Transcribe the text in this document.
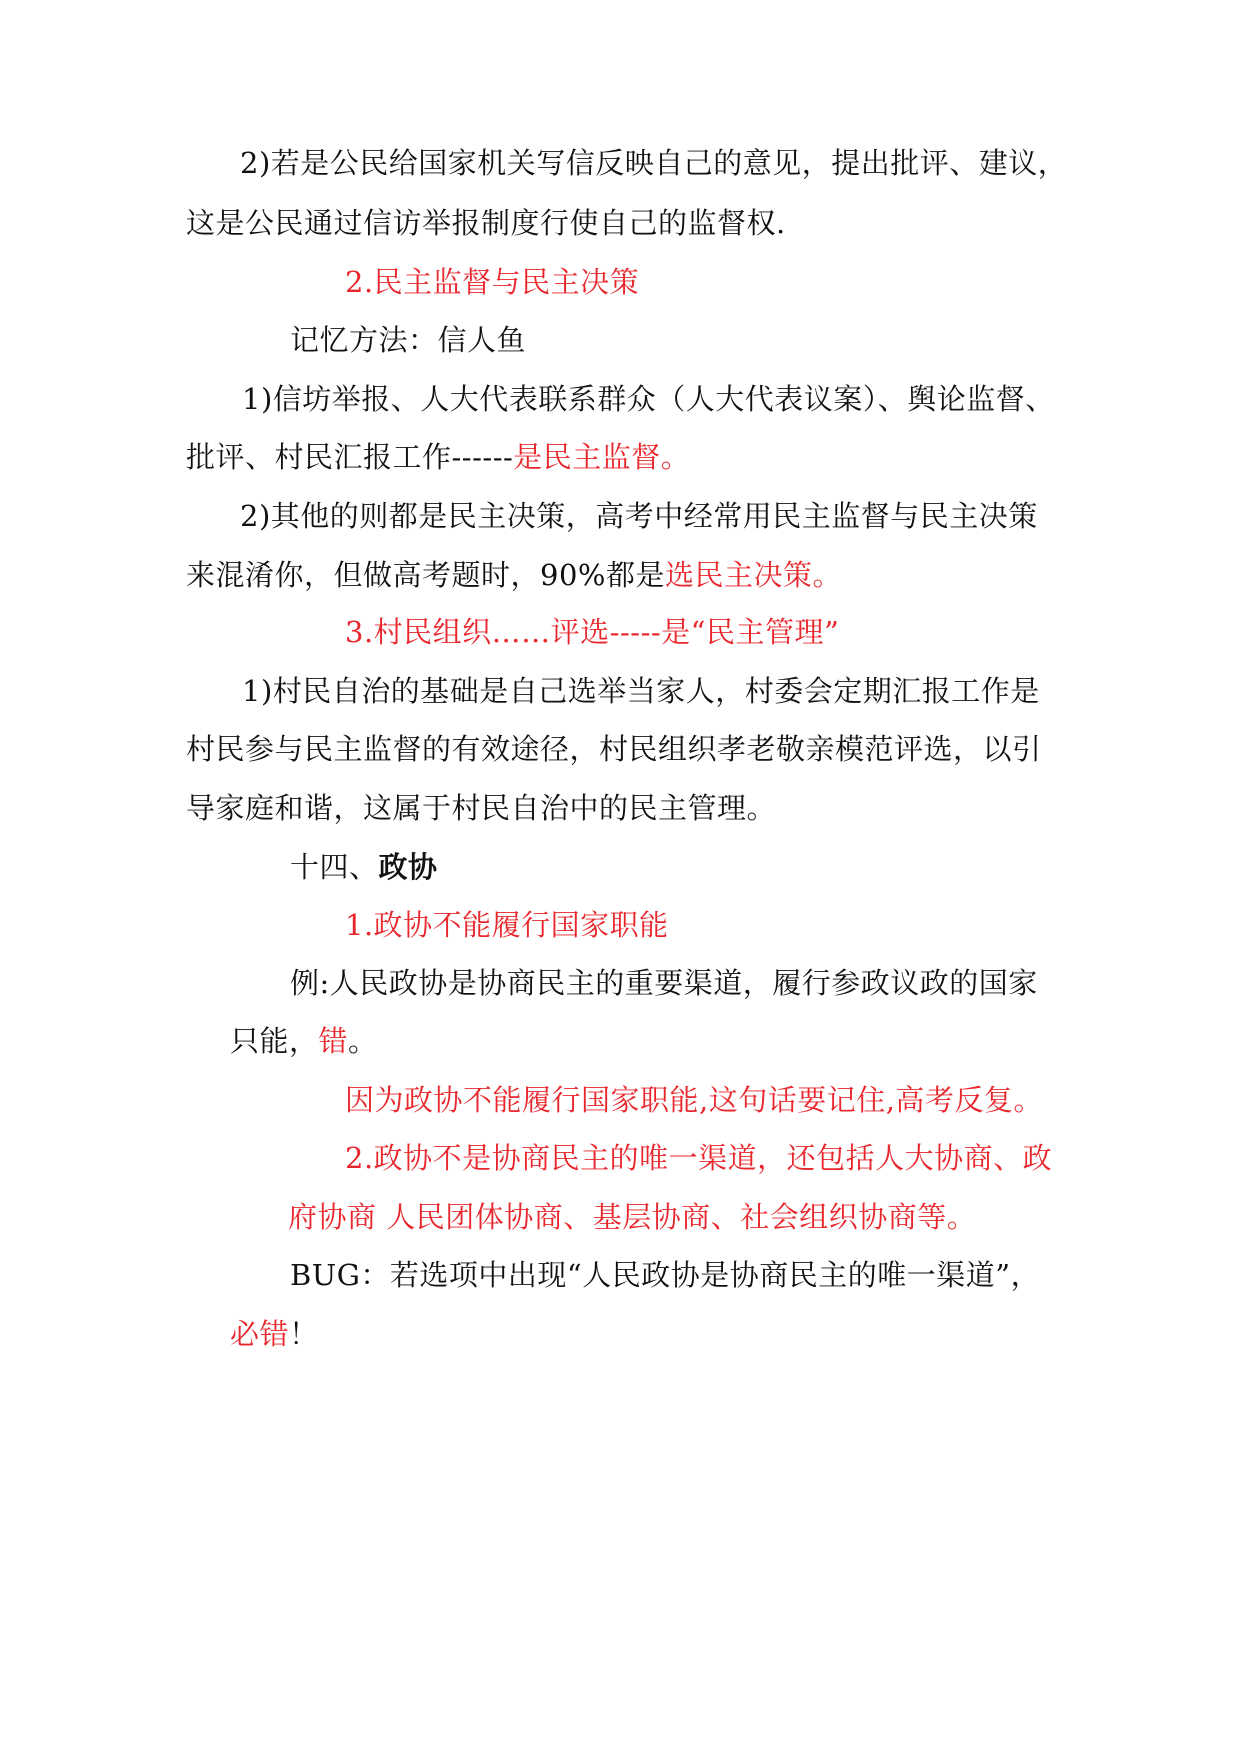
2)若是公民给国家机关写信反映自己的意见，提出批评、建议，
这是公民通过信访举报制度行使自己的监督权.
2.民主监督与民主决策
记忆方法：信人鱼
1)信坊举报、人大代表联系群众（人大代表议案）、舆论监督、
批评、村民汇报工作------是民主监督。
2)其他的则都是民主决策，高考中经常用民主监督与民主决策
来混淆你，但做高考题时，90%都是选民主决策。
3.村民组织……评选-----是“民主管理”
1)村民自治的基础是自己选举当家人，村委会定期汇报工作是
村民参与民主监督的有效途径，村民组织孝老敬亲模范评选，以引
导家庭和谐，这属于村民自治中的民主管理。
十四、政协
1.政协不能履行国家职能
例:人民政协是协商民主的重要渠道，履行参政议政的国家
只能，错。
因为政协不能履行国家职能,这句话要记住,高考反复。
2.政协不是协商民主的唯一渠道，还包括人大协商、政
府协商 人民团体协商、基层协商、社会组织协商等。
BUG：若选项中出现“人民政协是协商民主的唯一渠道”，
必错！
